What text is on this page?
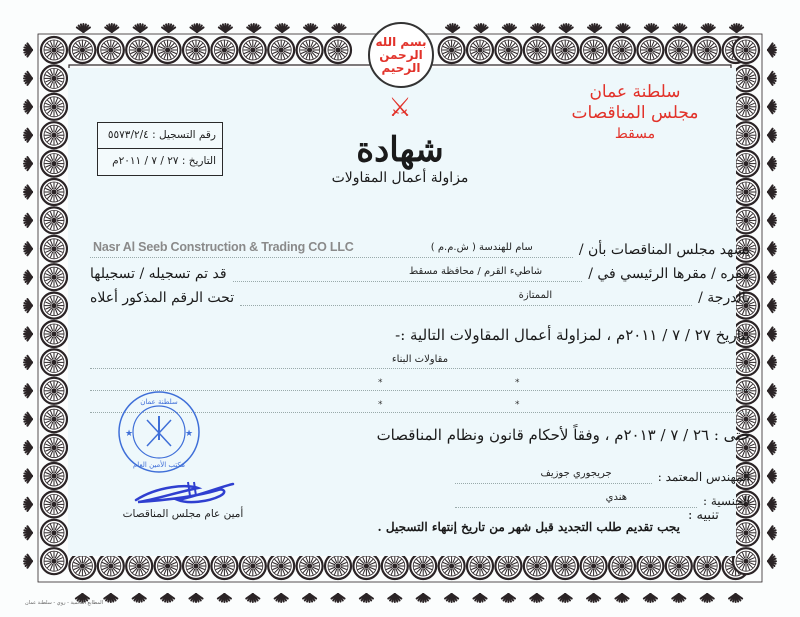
بسم الله الرحمن الرحيم
⚔
شهادة
مزاولة أعمال المقاولات
سلطنة عمان
مجلس المناقصات
مسقط
رقم التسجيل : ٥٥٧٣/٢/٤
التاريخ : ٢٧ / ٧ / ٢٠١١م
يشهد مجلس المناقصات بأن /
سام للهندسة ( ش.م.م )
Nasr Al Seeb Construction & Trading CO LLC
مقره / مقرها الرئيسي في /
شاطيء القرم / محافظة مسقط
قد تم تسجيله / تسجيلها
بالدرجة /
الممتازة
تحت الرقم المذكور أعلاه
بتاريخ ٢٧ / ٧ / ٢٠١١م ، لمزاولة أعمال المقاولات التالية :-
مقاولات البناء
*	*
*	*
حتى : ٢٦ / ٧ / ٢٠١٣م ، وفقاً لأحكام قانون ونظام المناقصات
المهندس المعتمد :
جريجوري جوزيف
الجنسية :
هندي
تنبيه :
يجب تقديم طلب التجديد قبل شهر من تاريخ إنتهاء التسجيل .
★	★
سلطنة عمان
مكتب الأمين العام
أمين عام مجلس المناقصات
المطابع العالمية - روي - سلطنة عمان
